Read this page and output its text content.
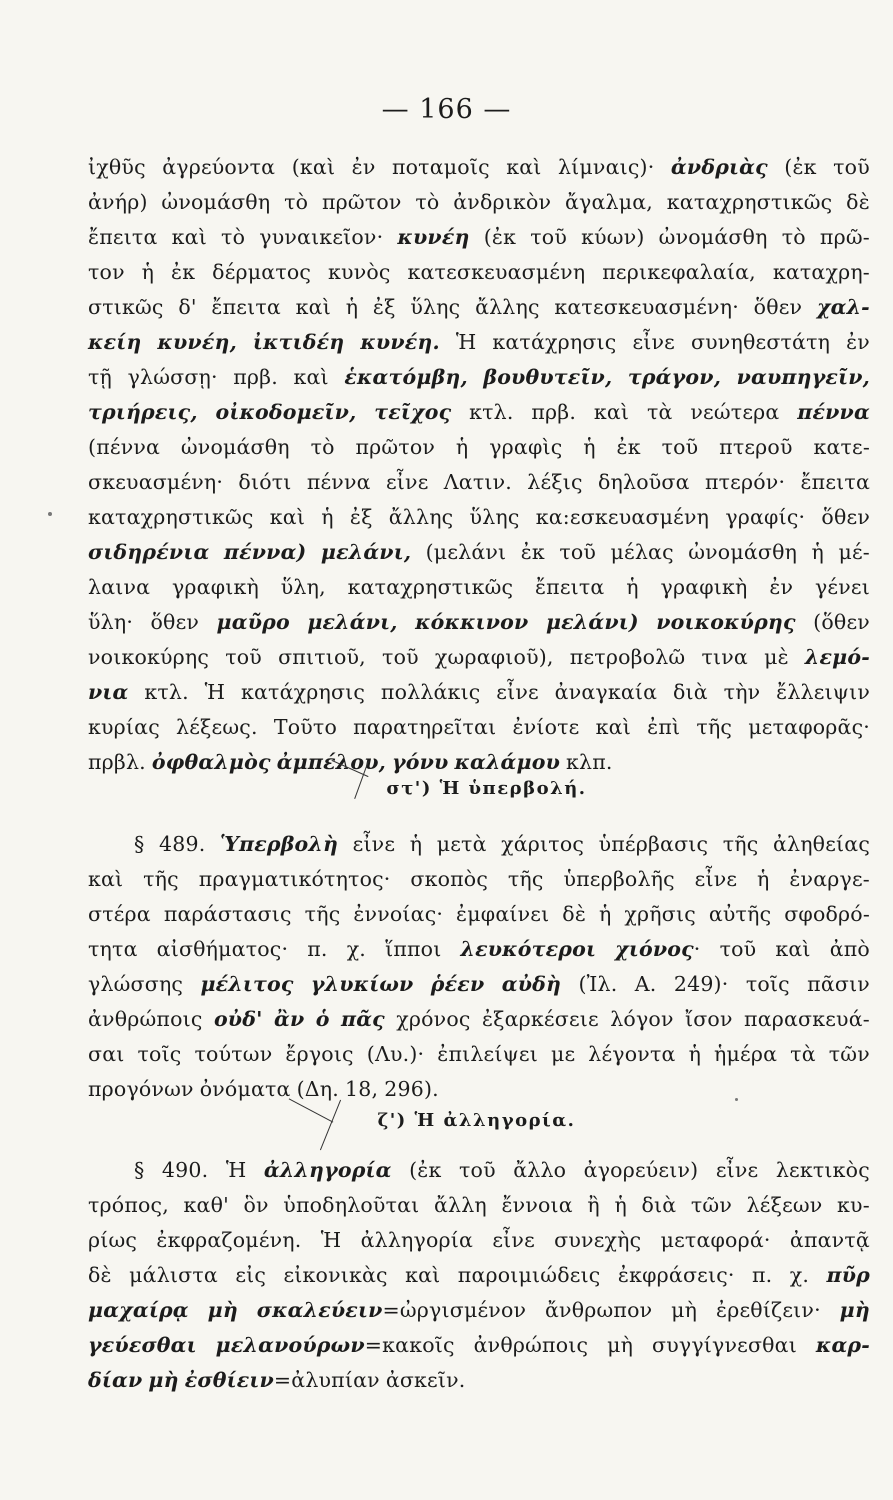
— 166 —
ἰχθῦς ἀγρεύοντα (καὶ ἐν ποταμοῖς καὶ λίμναις)· ἀνδριὰς (ἐκ τοῦ
ἀνήρ) ὠνομάσθη τὸ πρῶτον τὸ ἀνδρικὸν ἄγαλμα, καταχρηστικῶς δὲ
ἔπειτα καὶ τὸ γυναικεῖον· κυνέη (ἐκ τοῦ κύων) ὠνομάσθη τὸ πρῶ-
τον ἡ ἐκ δέρματος κυνὸς κατεσκευασμένη περικεφαλαία, καταχρη-
στικῶς δ' ἔπειτα καὶ ἡ ἐξ ὕλης ἄλλης κατεσκευασμένη· ὅθεν χαλ-
κείη κυνέη, ἰκτιδέη κυνέη. Ἡ κατάχρησις εἶνε συνηθεστάτη ἐν
τῇ γλώσσῃ· πρβ. καὶ ἑκατόμβη, βουθυτεῖν, τράγον, ναυπηγεῖν,
τριήρεις, οἰκοδομεῖν, τεῖχος κτλ. πρβ. καὶ τὰ νεώτερα πέννα
(πέννα ὠνομάσθη τὸ πρῶτον ἡ γραφὶς ἡ ἐκ τοῦ πτεροῦ κατε-
σκευασμένη· διότι πέννα εἶνε Λατιν. λέξις δηλοῦσα πτερόν· ἔπειτα
καταχρηστικῶς καὶ ἡ ἐξ ἄλλης ὕλης κα:εσκευασμένη γραφίς· ὅθεν
σιδηρένια πέννα) μελάνι, (μελάνι ἐκ τοῦ μέλας ὠνομάσθη ἡ μέ-
λαινα γραφικὴ ὕλη, καταχρηστικῶς ἔπειτα ἡ γραφικὴ ἐν γένει
ὕλη· ὅθεν μαῦρο μελάνι, κόκκινον μελάνι) νοικοκύρης (ὅθεν
νοικοκύρης τοῦ σπιτιοῦ, τοῦ χωραφιοῦ), πετροβολῶ τινα μὲ λεμό-
νια κτλ. Ἡ κατάχρησις πολλάκις εἶνε ἀναγκαία διὰ τὴν ἔλλειψιν
κυρίας λέξεως. Τοῦτο παρατηρεῖται ἐνίοτε καὶ ἐπὶ τῆς μεταφορᾶς·
πρβλ. ὀφθαλμὸς ἀμπέλου, γόνυ καλάμου κλπ.
στ') Ἡ ὑπερβολή.
§ 489. Ὑπερβολὴ εἶνε ἡ μετὰ χάριτος ὑπέρβασις τῆς ἀληθείας
καὶ τῆς πραγματικότητος· σκοπὸς τῆς ὑπερβολῆς εἶνε ἡ ἐναργε-
στέρα παράστασις τῆς ἐννοίας· ἐμφαίνει δὲ ἡ χρῆσις αὐτῆς σφοδρό-
τητα αἰσθήματος· π. χ. ἵπποι λευκότεροι χιόνος· τοῦ καὶ ἀπὸ
γλώσσης μέλιτος γλυκίων ῥέεν αὐδὴ (Ἰλ. Α. 249)· τοῖς πᾶσιν
ἀνθρώποις οὐδ' ἂν ὁ πᾶς χρόνος ἐξαρκέσειε λόγον ἴσον παρασκευά-
σαι τοῖς τούτων ἔργοις (Λυ.)· ἐπιλείψει με λέγοντα ἡ ἡμέρα τὰ τῶν
προγόνων ὀνόματα (Δη. 18, 296).
ζ') Ἡ ἀλληγορία.
§ 490. Ἡ ἀλληγορία (ἐκ τοῦ ἄλλο ἀγορεύειν) εἶνε λεκτικὸς
τρόπος, καθ' ὃν ὑποδηλοῦται ἄλλη ἔννοια ἢ ἡ διὰ τῶν λέξεων κυ-
ρίως ἐκφραζομένη. Ἡ ἀλληγορία εἶνε συνεχὴς μεταφορά· ἀπαντᾷ
δὲ μάλιστα εἰς εἰκονικὰς καὶ παροιμιώδεις ἐκφράσεις· π. χ. πῦρ
μαχαίρᾳ μὴ σκαλεύειν=ὠργισμένον ἄνθρωπον μὴ ἐρεθίζειν· μὴ
γεύεσθαι μελανούρων=κακοῖς ἀνθρώποις μὴ συγγίγνεσθαι καρ-
δίαν μὴ ἐσθίειν=ἀλυπίαν ἀσκεῖν.
